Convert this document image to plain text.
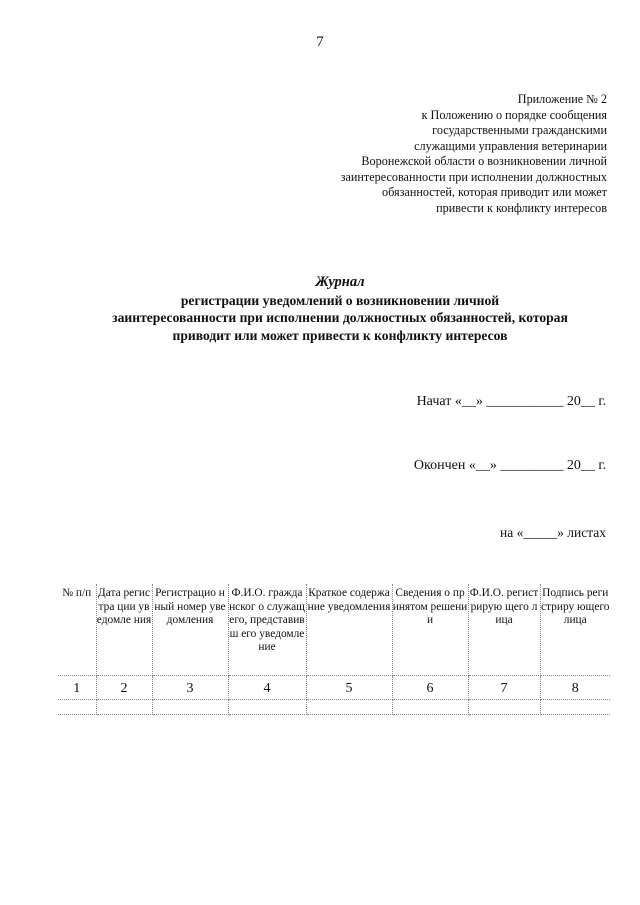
7
Приложение № 2
к Положению о порядке сообщения
государственными гражданскими
служащими управления ветеринарии
Воронежской области о возникновении личной
заинтересованности при исполнении должностных
обязанностей, которая приводит или может
привести к конфликту интересов
Журнал
регистрации уведомлений о возникновении личной
заинтересованности при исполнении должностных обязанностей, которая
приводит или может привести к конфликту интересов
Начат «__» ___________ 20__ г.
Окончен «__» _________ 20__ г.
на «_____» листах
№ п/п	Дата регистра ции уведомле ния	Регистрацио нный номер уведомления	Ф.И.О. гражданског о служащего, представивш его уведомление	Краткое содержание уведомления	Сведения о принятом решении	Ф.И.О. регистрирую щего лица	Подпись регистриру ющего лица
1	2	3	4	5	6	7	8
